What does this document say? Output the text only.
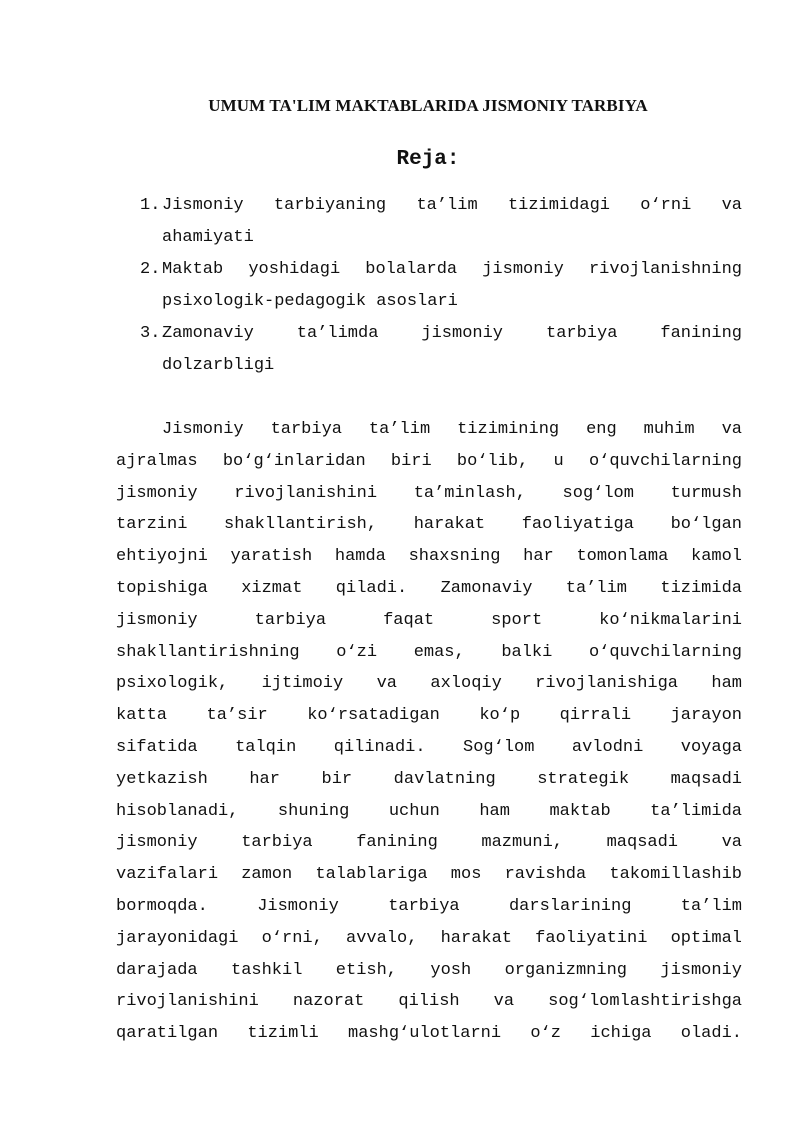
UMUM TA'LIM MAKTABLARIDA JISMONIY TARBIYA
Reja:
1. Jismoniy tarbiyaning ta’lim tizimidagi o‘rni va
ahamiyati
2. Maktab yoshidagi bolalarda jismoniy rivojlanishning
psixologik-pedagogik asoslari
3. Zamonaviy ta’limda jismoniy tarbiya fanining
dolzarbligi
Jismoniy tarbiya ta’lim tizimining eng muhim va
ajralmas bo‘g‘inlaridan biri bo‘lib, u o‘quvchilarning
jismoniy rivojlanishini ta’minlash, sog‘lom turmush
tarzini shakllantirish, harakat faoliyatiga bo‘lgan
ehtiyojni yaratish hamda shaxsning har tomonlama kamol
topishiga xizmat qiladi. Zamonaviy ta’lim tizimida
jismoniy tarbiya faqat sport ko‘nikmalarini
shakllantirishning o‘zi emas, balki o‘quvchilarning
psixologik, ijtimoiy va axloqiy rivojlanishiga ham
katta ta’sir ko‘rsatadigan ko‘p qirrali jarayon
sifatida talqin qilinadi. Sog‘lom avlodni voyaga
yetkazish har bir davlatning strategik maqsadi
hisoblanadi, shuning uchun ham maktab ta’limida
jismoniy tarbiya fanining mazmuni, maqsadi va
vazifalari zamon talablariga mos ravishda takomillashib
bormoqda. Jismoniy tarbiya darslarining ta’lim
jarayonidagi o‘rni, avvalo, harakat faoliyatini optimal
darajada tashkil etish, yosh organizmning jismoniy
rivojlanishini nazorat qilish va sog‘lomlashtirishga
qaratilgan tizimli mashg‘ulotlarni o‘z ichiga oladi.
